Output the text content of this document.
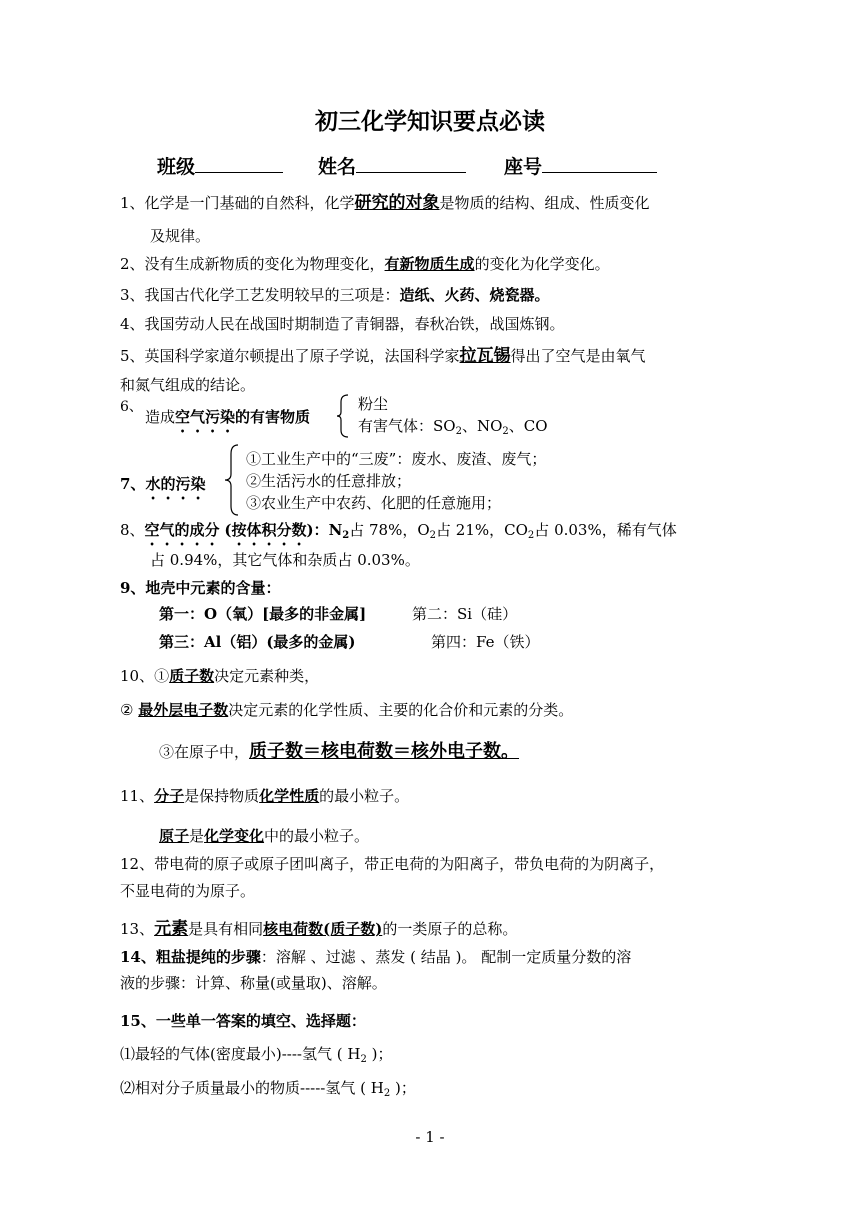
初三化学知识要点必读
班级	姓名	座号
1、化学是一门基础的自然科，化学研究的对象是物质的结构、组成、性质变化
及规律。
2、没有生成新物质的变化为物理变化，有新物质生成的变化为化学变化。
3、我国古代化学工艺发明较早的三项是：造纸、火药、烧瓷器。
4、我国劳动人民在战国时期制造了青铜器，春秋冶铁，战国炼钢。
5、英国科学家道尔顿提出了原子学说，法国科学家拉瓦锡得出了空气是由氧气
和氮气组成的结论。
6、
造成空气污染的有害物质
粉尘
有害气体：$SO_2$、$NO_2$、CO
7、水的污染
①工业生产中的“三废”：废水、废渣、废气；
②生活污水的任意排放；
③农业生产中农药、化肥的任意施用；
8、空气的成分 (按体积分数)：$N_2$占 78%，$O_2$占 21%，$CO_2$占 0.03%，稀有气体
占 0.94%，其它气体和杂质占 0.03%。
9、地壳中元素的含量：
第一：O（氧）[最多的非金属]	第二：Si（硅）
第三：Al（铝）(最多的金属)	第四：Fe（铁）
10、①质子数决定元素种类，
② 最外层电子数决定元素的化学性质、主要的化合价和元素的分类。
③在原子中，质子数＝核电荷数＝核外电子数。
11、分子是保持物质化学性质的最小粒子。
原子是化学变化中的最小粒子。
12、带电荷的原子或原子团叫离子，带正电荷的为阳离子，带负电荷的为阴离子，
不显电荷的为原子。
13、元素是具有相同核电荷数(质子数)的一类原子的总称。
14、粗盐提纯的步骤：溶解 、过滤 、蒸发 ( 结晶 )。 配制一定质量分数的溶
液的步骤：计算、称量(或量取)、溶解。
15、一些单一答案的填空、选择题：
⑴最轻的气体(密度最小)----氢气 ( $H_2$ )；
⑵相对分子质量最小的物质-----氢气 ( $H_2$ )；
- 1 -
